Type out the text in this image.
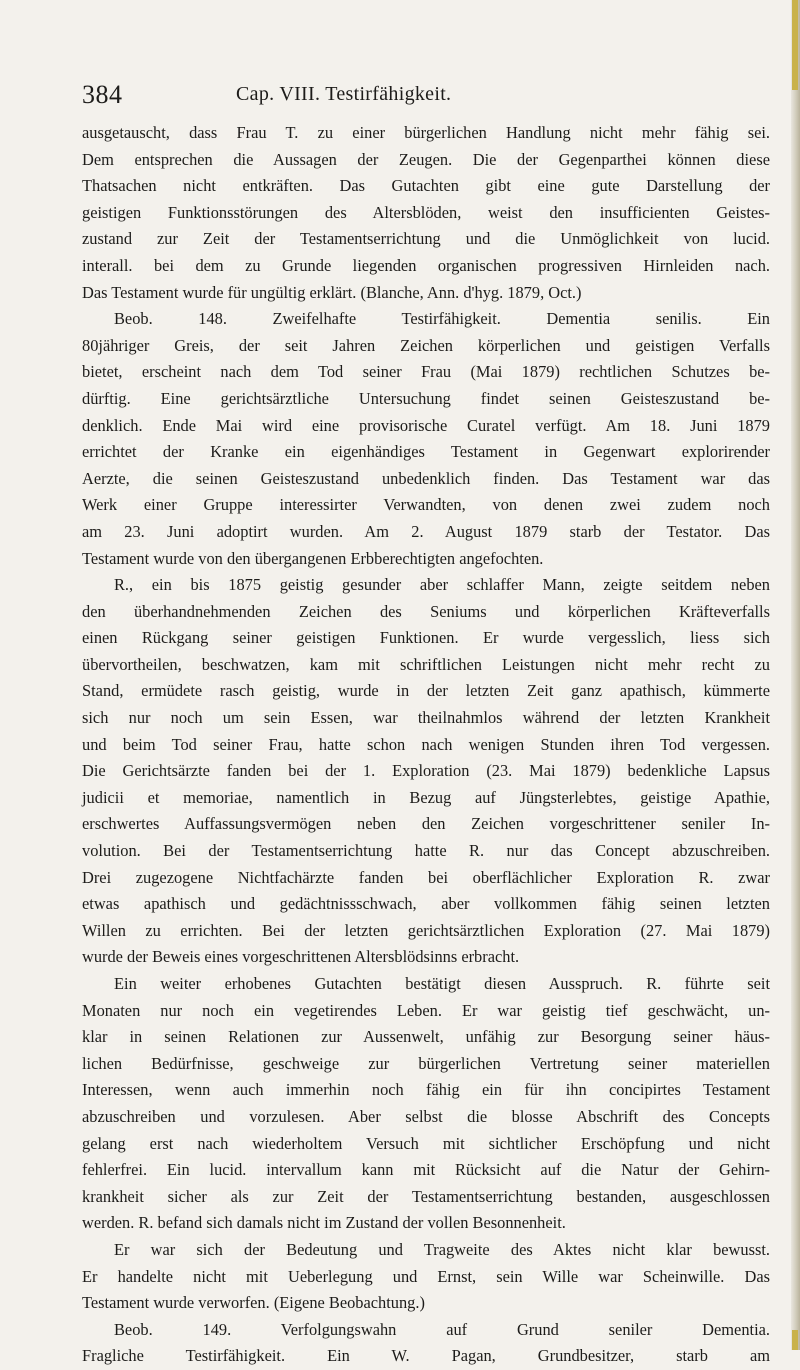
384	Cap. VIII. Testirfähigkeit.
ausgetauscht, dass Frau T. zu einer bürgerlichen Handlung nicht mehr fähig sei.
Dem entsprechen die Aussagen der Zeugen. Die der Gegenparthei können diese
Thatsachen nicht entkräften. Das Gutachten gibt eine gute Darstellung der
geistigen Funktionsstörungen des Altersblöden, weist den insufficienten Geistes-
zustand zur Zeit der Testamentserrichtung und die Unmöglichkeit von lucid.
interall. bei dem zu Grunde liegenden organischen progressiven Hirnleiden nach.
Das Testament wurde für ungültig erklärt. (Blanche, Ann. d'hyg. 1879, Oct.)
Beob. 148. Zweifelhafte Testirfähigkeit. Dementia senilis. Ein
80jähriger Greis, der seit Jahren Zeichen körperlichen und geistigen Verfalls
bietet, erscheint nach dem Tod seiner Frau (Mai 1879) rechtlichen Schutzes be-
dürftig. Eine gerichtsärztliche Untersuchung findet seinen Geisteszustand be-
denklich. Ende Mai wird eine provisorische Curatel verfügt. Am 18. Juni 1879
errichtet der Kranke ein eigenhändiges Testament in Gegenwart explorirender
Aerzte, die seinen Geisteszustand unbedenklich finden. Das Testament war das
Werk einer Gruppe interessirter Verwandten, von denen zwei zudem noch
am 23. Juni adoptirt wurden. Am 2. August 1879 starb der Testator. Das
Testament wurde von den übergangenen Erbberechtigten angefochten.
R., ein bis 1875 geistig gesunder aber schlaffer Mann, zeigte seitdem neben
den überhandnehmenden Zeichen des Seniums und körperlichen Kräfteverfalls
einen Rückgang seiner geistigen Funktionen. Er wurde vergesslich, liess sich
übervortheilen, beschwatzen, kam mit schriftlichen Leistungen nicht mehr recht zu
Stand, ermüdete rasch geistig, wurde in der letzten Zeit ganz apathisch, kümmerte
sich nur noch um sein Essen, war theilnahmlos während der letzten Krankheit
und beim Tod seiner Frau, hatte schon nach wenigen Stunden ihren Tod vergessen.
Die Gerichtsärzte fanden bei der 1. Exploration (23. Mai 1879) bedenkliche Lapsus
judicii et memoriae, namentlich in Bezug auf Jüngsterlebtes, geistige Apathie,
erschwertes Auffassungsvermögen neben den Zeichen vorgeschrittener seniler In-
volution. Bei der Testamentserrichtung hatte R. nur das Concept abzuschreiben.
Drei zugezogene Nichtfachärzte fanden bei oberflächlicher Exploration R. zwar
etwas apathisch und gedächtnissschwach, aber vollkommen fähig seinen letzten
Willen zu errichten. Bei der letzten gerichtsärztlichen Exploration (27. Mai 1879)
wurde der Beweis eines vorgeschrittenen Altersblödsinns erbracht.
Ein weiter erhobenes Gutachten bestätigt diesen Ausspruch. R. führte seit
Monaten nur noch ein vegetirendes Leben. Er war geistig tief geschwächt, un-
klar in seinen Relationen zur Aussenwelt, unfähig zur Besorgung seiner häus-
lichen Bedürfnisse, geschweige zur bürgerlichen Vertretung seiner materiellen
Interessen, wenn auch immerhin noch fähig ein für ihn concipirtes Testament
abzuschreiben und vorzulesen. Aber selbst die blosse Abschrift des Concepts
gelang erst nach wiederholtem Versuch mit sichtlicher Erschöpfung und nicht
fehlerfrei. Ein lucid. intervallum kann mit Rücksicht auf die Natur der Gehirn-
krankheit sicher als zur Zeit der Testamentserrichtung bestanden, ausgeschlossen
werden. R. befand sich damals nicht im Zustand der vollen Besonnenheit.
Er war sich der Bedeutung und Tragweite des Aktes nicht klar bewusst.
Er handelte nicht mit Ueberlegung und Ernst, sein Wille war Scheinwille. Das
Testament wurde verworfen. (Eigene Beobachtung.)
Beob. 149. Verfolgungswahn auf Grund seniler Dementia.
Fragliche Testirfähigkeit. Ein W. Pagan, Grundbesitzer, starb am
